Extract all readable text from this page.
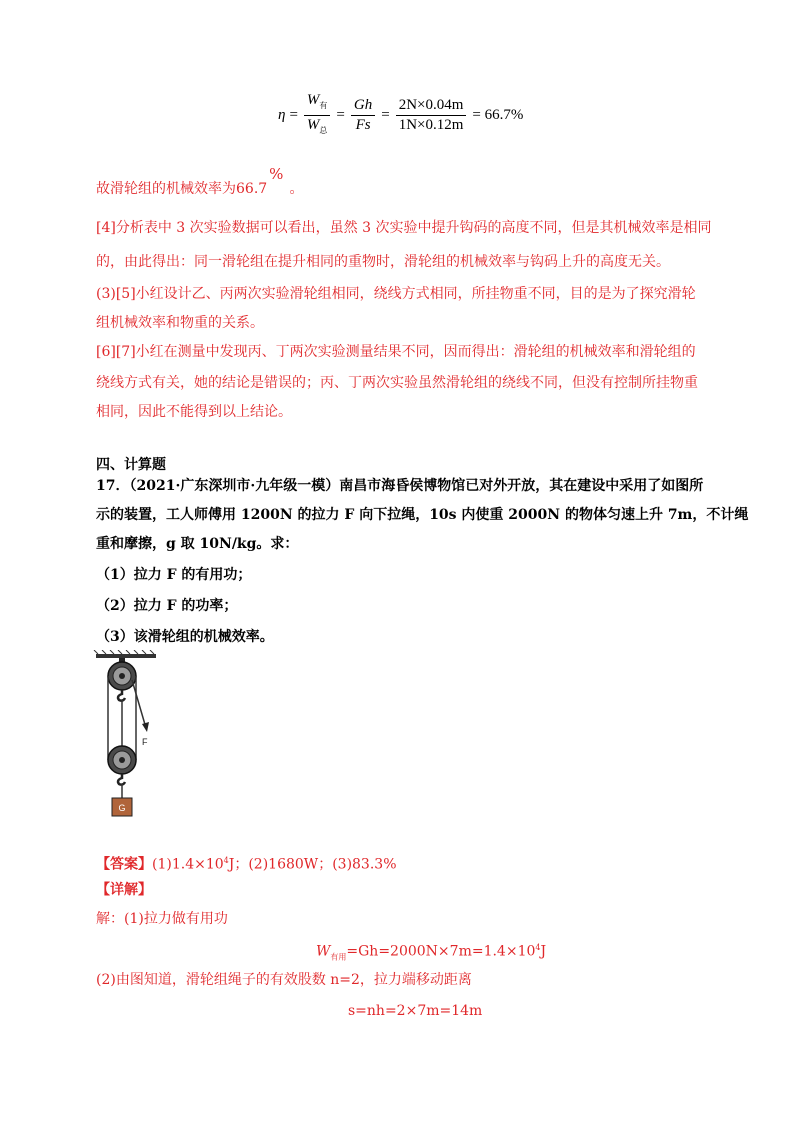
$\eta = \frac{W_有}{W_总} = \frac{Gh}{Fs} = \frac{2N\times 0.04m}{1N\times 0.12m} = 66.7\%$
故滑轮组的机械效率为66.7%。
[4]分析表中 3 次实验数据可以看出，虽然 3 次实验中提升钩码的高度不同，但是其机械效率是相同
的，由此得出：同一滑轮组在提升相同的重物时，滑轮组的机械效率与钩码上升的高度无关。
(3)[5]小红设计乙、丙两次实验滑轮组相同，绕线方式相同，所挂物重不同，目的是为了探究滑轮
组机械效率和物重的关系。
[6][7]小红在测量中发现丙、丁两次实验测量结果不同，因而得出：滑轮组的机械效率和滑轮组的
绕线方式有关，她的结论是错误的；丙、丁两次实验虽然滑轮组的绕线不同，但没有控制所挂物重
相同，因此不能得到以上结论。
四、计算题
17．（2021·广东深圳市·九年级一模）南昌市海昏侯博物馆已对外开放，其在建设中采用了如图所
示的装置，工人师傅用 1200N 的拉力 F 向下拉绳，10s 内使重 2000N 的物体匀速上升 7m，不计绳
重和摩擦，g 取 10N/kg。求：
（1）拉力 F 的有用功；
（2）拉力 F 的功率；
（3）该滑轮组的机械效率。
G
F
【答案】$(1)1.4\times 10^4J$；(2)1680W；(3)83.3%
【详解】
解：(1)拉力做有用功
$W_{有用}=Gh=2000N\times 7m=1.4\times 10^4J$
(2)由图知道，滑轮组绳子的有效股数 n=2，拉力端移动距离
s=nh=2×7m=14m
